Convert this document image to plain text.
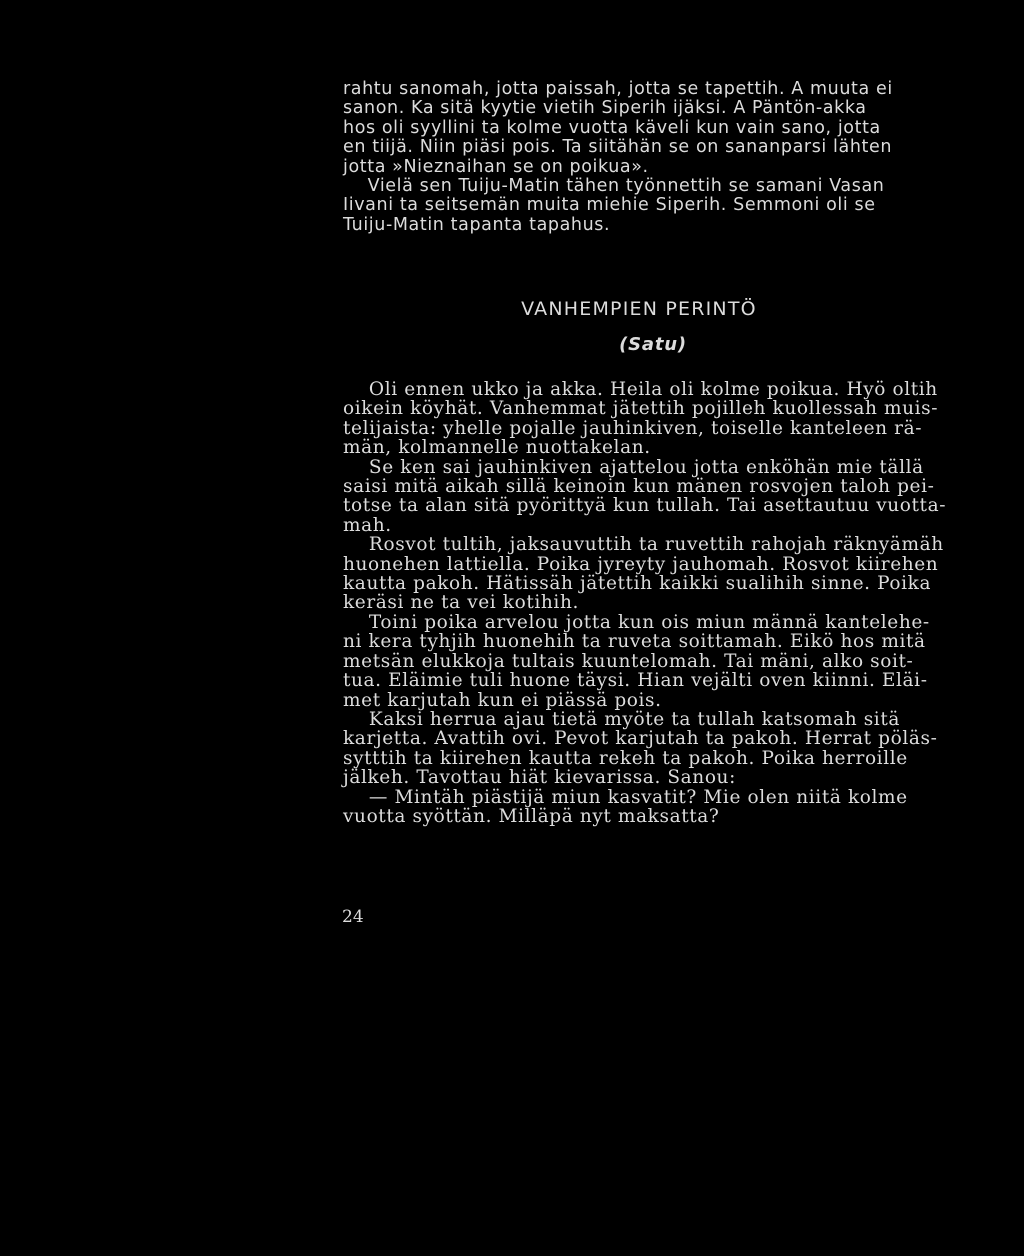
rahtu sanomah, jotta paissah, jotta se tapettih. A muuta ei
sanon. Ka sitä kyytie vietih Siperih ijäksi. A Päntön-akka
hos oli syyllini ta kolme vuotta käveli kun vain sano, jotta
en tiijä. Niin piäsi pois. Ta siitähän se on sananparsi lähten
jotta »Nieznaihan se on poikua».
Vielä sen Tuiju-Matin tähen työnnettih se samani Vasan
Iivani ta seitsemän muita miehie Siperih. Semmoni oli se
Tuiju-Matin tapanta tapahus.
VANHEMPIEN PERINTÖ
(Satu)
Oli ennen ukko ja akka. Heila oli kolme poikua. Hyö oltih
oikein köyhät. Vanhemmat jätettih pojilleh kuollessah muis-
telijaista: yhelle pojalle jauhinkiven, toiselle kanteleen rä-
män, kolmannelle nuottakelan.
Se ken sai jauhinkiven ajattelou jotta enköhän mie tällä
saisi mitä aikah sillä keinoin kun mänen rosvojen taloh pei-
totse ta alan sitä pyörittyä kun tullah. Tai asettautuu vuotta-
mah.
Rosvot tultih, jaksauvuttih ta ruvettih rahojah räknyämäh
huonehen lattiella. Poika jyreyty jauhomah. Rosvot kiirehen
kautta pakoh. Hätissäh jätettih kaikki sualihih sinne. Poika
keräsi ne ta vei kotihih.
Toini poika arvelou jotta kun ois miun männä kantelehe-
ni kera tyhjih huonehih ta ruveta soittamah. Eikö hos mitä
metsän elukkoja tultais kuuntelomah. Tai mäni, alko soit-
tua. Eläimie tuli huone täysi. Hian vejälti oven kiinni. Eläi-
met karjutah kun ei piässä pois.
Kaksi herrua ajau tietä myöte ta tullah katsomah sitä
karjetta. Avattih ovi. Pevot karjutah ta pakoh. Herrat pöläs-
sytttih ta kiirehen kautta rekeh ta pakoh. Poika herroille
jälkeh. Tavottau hiät kievarissa. Sanou:
— Mintäh piästijä miun kasvatit? Mie olen niitä kolme
vuotta syöttän. Milläpä nyt maksatta?
24
